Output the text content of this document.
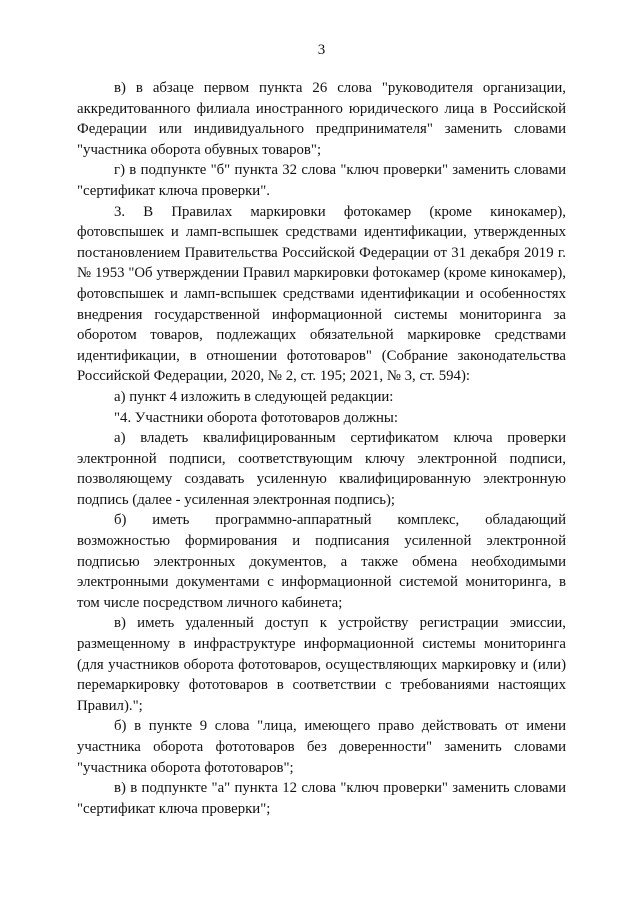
3

в) в абзаце первом пункта 26 слова "руководителя организации, аккредитованного филиала иностранного юридического лица в Российской Федерации или индивидуального предпринимателя" заменить словами "участника оборота обувных товаров";

г) в подпункте "б" пункта 32 слова "ключ проверки" заменить словами "сертификат ключа проверки".

3. В Правилах маркировки фотокамер (кроме кинокамер), фотовспышек и ламп-вспышек средствами идентификации, утвержденных постановлением Правительства Российской Федерации от 31 декабря 2019 г. № 1953 "Об утверждении Правил маркировки фотокамер (кроме кинокамер), фотовспышек и ламп-вспышек средствами идентификации и особенностях внедрения государственной информационной системы мониторинга за оборотом товаров, подлежащих обязательной маркировке средствами идентификации, в отношении фототоваров" (Собрание законодательства Российской Федерации, 2020, № 2, ст. 195; 2021, № 3, ст. 594):

а) пункт 4 изложить в следующей редакции:

"4. Участники оборота фототоваров должны:

а) владеть квалифицированным сертификатом ключа проверки электронной подписи, соответствующим ключу электронной подписи, позволяющему создавать усиленную квалифицированную электронную подпись (далее - усиленная электронная подпись);

б) иметь программно-аппаратный комплекс, обладающий возможностью формирования и подписания усиленной электронной подписью электронных документов, а также обмена необходимыми электронными документами с информационной системой мониторинга, в том числе посредством личного кабинета;

в) иметь удаленный доступ к устройству регистрации эмиссии, размещенному в инфраструктуре информационной системы мониторинга (для участников оборота фототоваров, осуществляющих маркировку и (или) перемаркировку фототоваров в соответствии с требованиями настоящих Правил).";

б) в пункте 9 слова "лица, имеющего право действовать от имени участника оборота фототоваров без доверенности" заменить словами "участника оборота фототоваров";

в) в подпункте "а" пункта 12 слова "ключ проверки" заменить словами "сертификат ключа проверки";
